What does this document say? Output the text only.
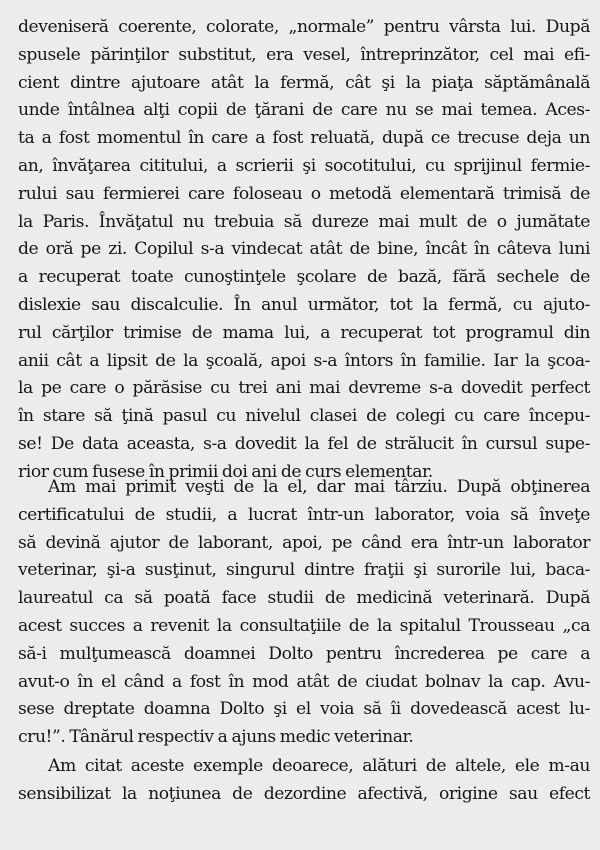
deveniseră coerente, colorate, „normale” pentru vârsta lui. După
spusele părinţilor substitut, era vesel, întreprinzător, cel mai efi-
cient dintre ajutoare atât la fermă, cât şi la piaţa săptămânală
unde întâlnea alţi copii de ţărani de care nu se mai temea. Aces-
ta a fost momentul în care a fost reluată, după ce trecuse deja un
an, învăţarea cititului, a scrierii şi socotitului, cu sprijinul fermie-
rului sau fermierei care foloseau o metodă elementară trimisă de
la Paris. Învăţatul nu trebuia să dureze mai mult de o jumătate
de oră pe zi. Copilul s-a vindecat atât de bine, încât în câteva luni
a recuperat toate cunoştinţele şcolare de bază, fără sechele de
dislexie sau discalculie. În anul următor, tot la fermă, cu ajuto-
rul cărţilor trimise de mama lui, a recuperat tot programul din
anii cât a lipsit de la şcoală, apoi s-a întors în familie. Iar la şcoa-
la pe care o părăsise cu trei ani mai devreme s-a dovedit perfect
în stare să ţină pasul cu nivelul clasei de colegi cu care începu-
se! De data aceasta, s-a dovedit la fel de strălucit în cursul supe-
rior cum fusese în primii doi ani de curs elementar.
Am mai primit veşti de la el, dar mai târziu. După obţinerea
certificatului de studii, a lucrat într-un laborator, voia să înveţe
să devină ajutor de laborant, apoi, pe când era într-un laborator
veterinar, şi-a susţinut, singurul dintre fraţii şi surorile lui, baca-
laureatul ca să poată face studii de medicină veterinară. După
acest succes a revenit la consultaţiile de la spitalul Trousseau „ca
să-i mulţumească doamnei Dolto pentru încrederea pe care a
avut-o în el când a fost în mod atât de ciudat bolnav la cap. Avu-
sese dreptate doamna Dolto şi el voia să îi dovedească acest lu-
cru!”. Tânărul respectiv a ajuns medic veterinar.
Am citat aceste exemple deoarece, alături de altele, ele m-au
sensibilizat la noţiunea de dezordine afectivă, origine sau efect
